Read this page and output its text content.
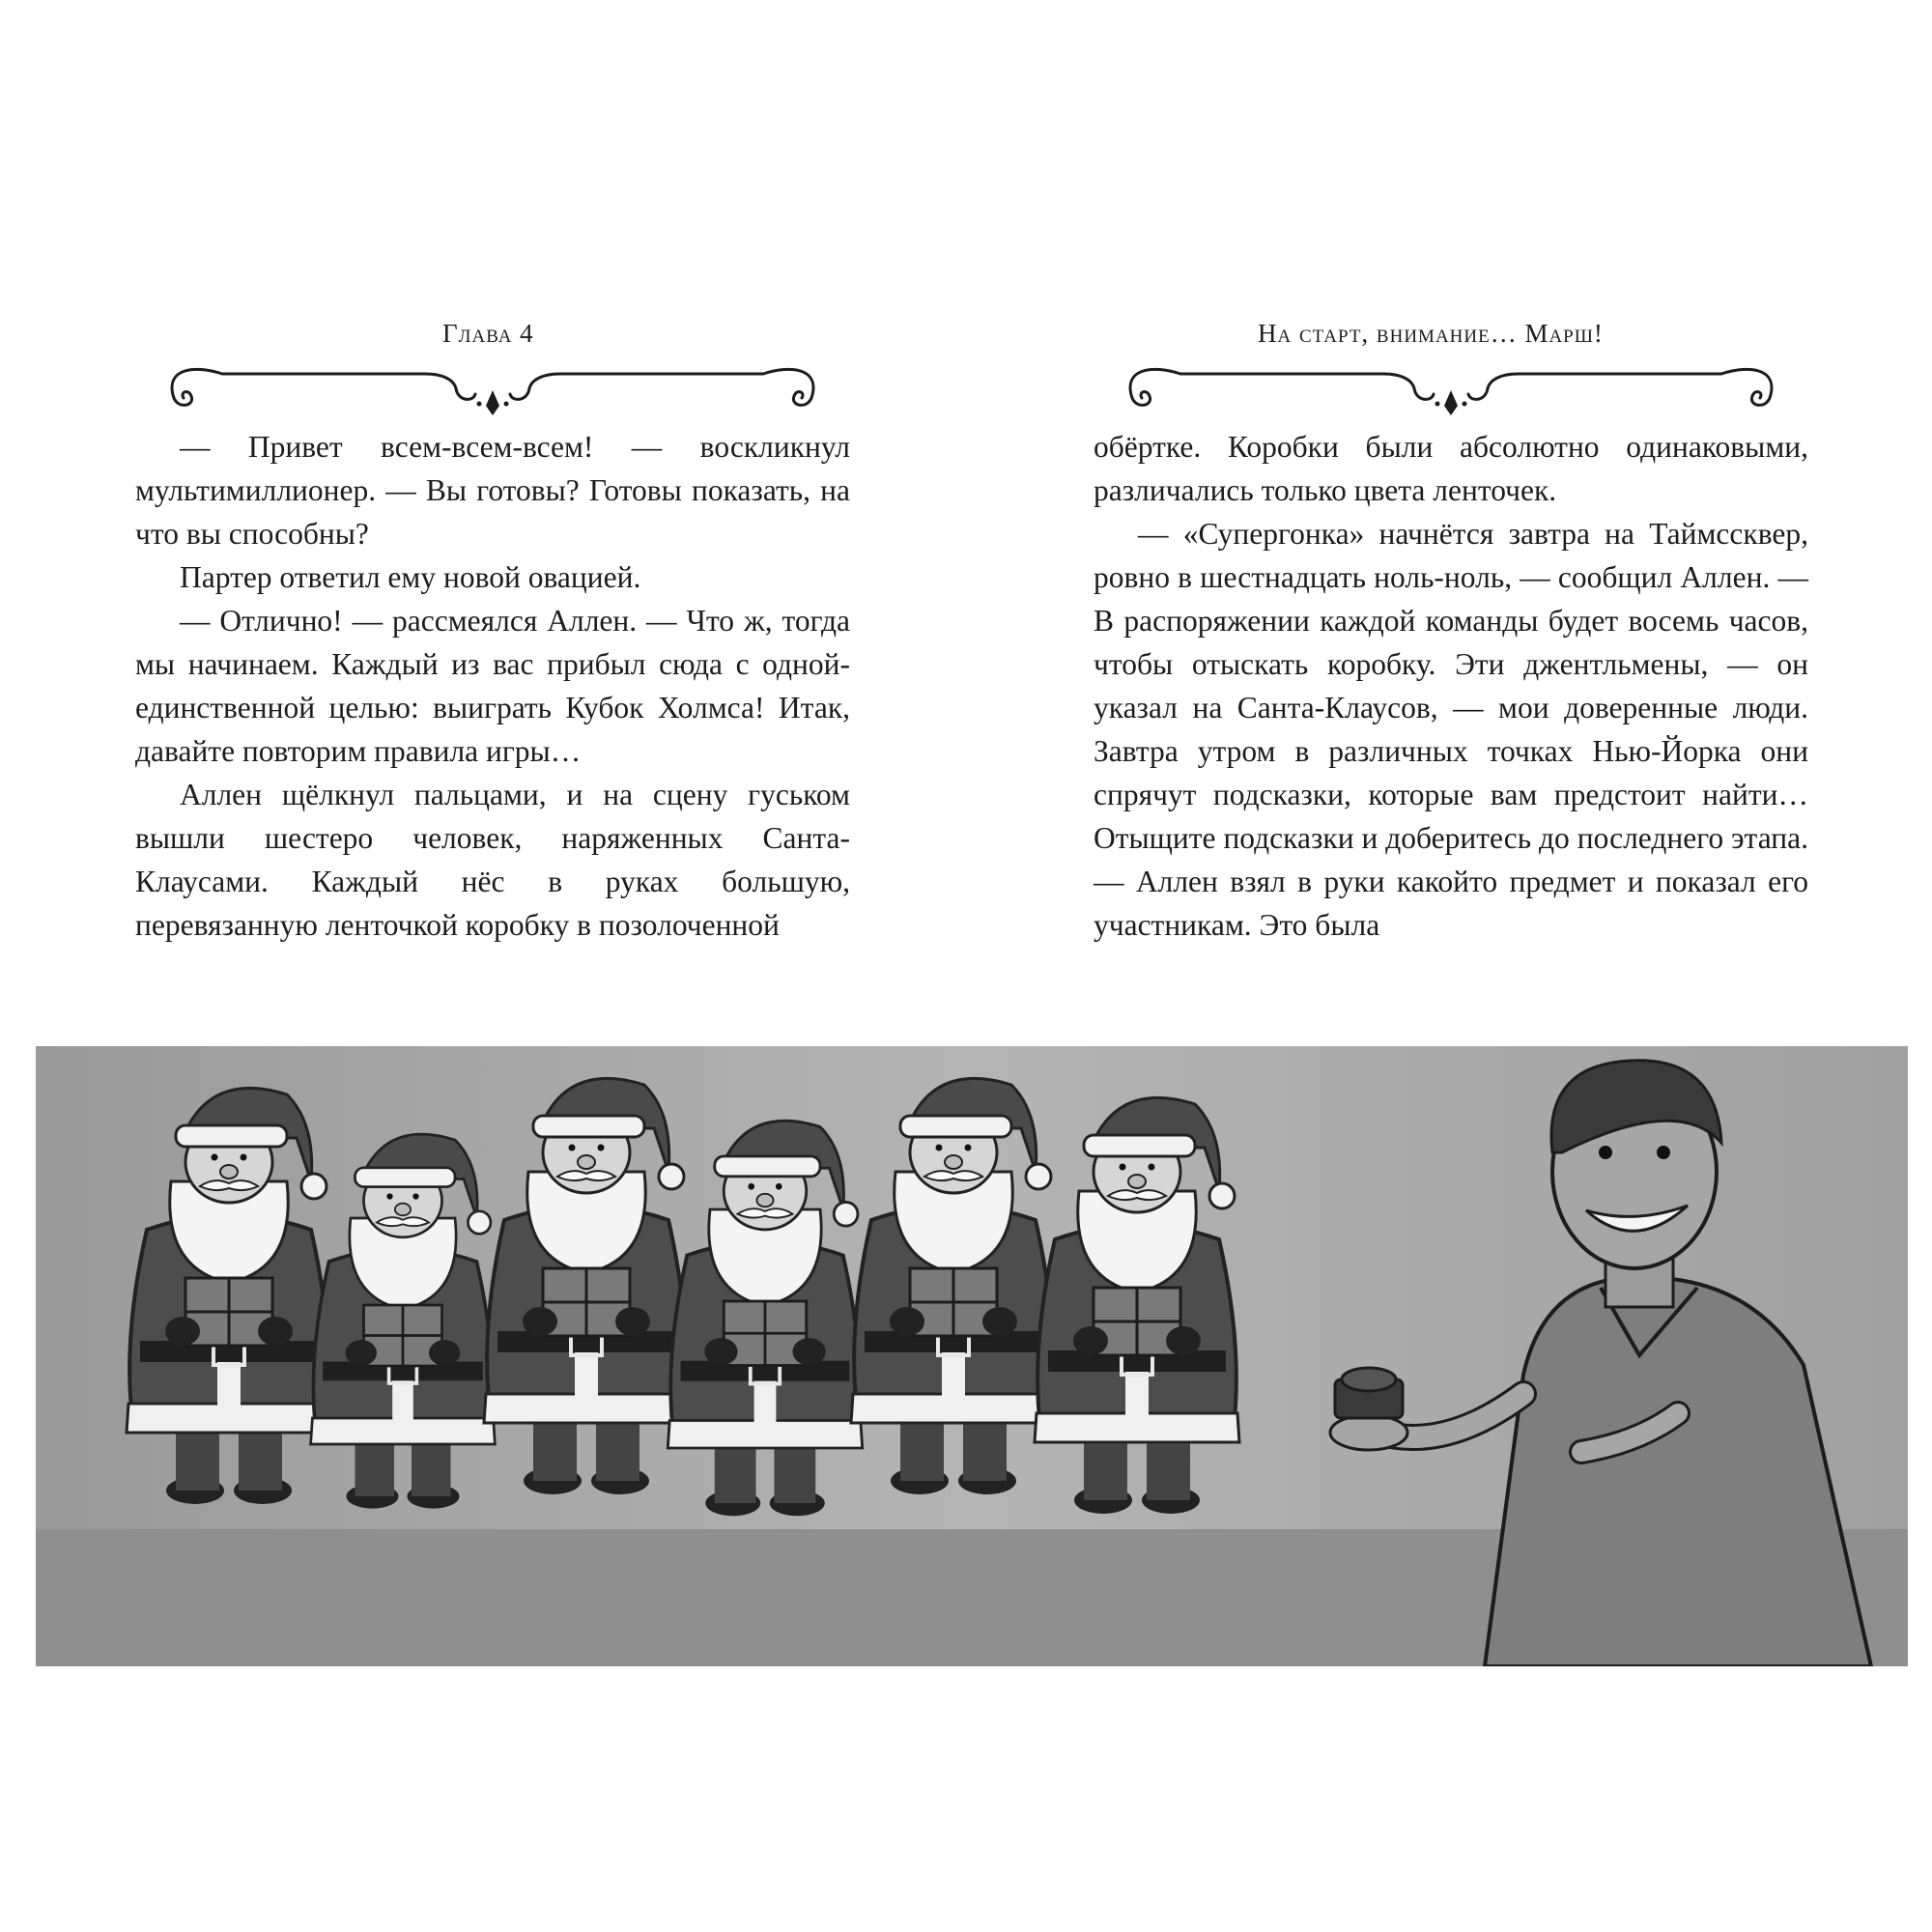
Глава 4

— Привет всем-всем-всем! — воскликнул мультимиллионер. — Вы готовы? Готовы показать, на что вы способны?

Партер ответил ему новой овацией.

— Отлично! — рассмеялся Аллен. — Что ж, тогда мы начинаем. Каждый из вас прибыл сюда с одной-единственной целью: выиграть Кубок Холмса! Итак, давайте повторим правила игры…

Аллен щёлкнул пальцами, и на сцену гуськом вышли шестеро человек, наряженных Санта-Клаусами. Каждый нёс в руках большую, перевязанную ленточкой коробку в позолоченной

На старт, внимание… Марш!

обёртке. Коробки были абсолютно одинаковыми, различались только цвета ленточек.

— «Супергонка» начнётся завтра на Таймссквер, ровно в шестнадцать ноль-ноль, — сообщил Аллен. — В распоряжении каждой команды будет восемь часов, чтобы отыскать коробку. Эти джентльмены, — он указал на Санта-Клаусов, — мои доверенные люди. Завтра утром в различных точках Нью-Йорка они спрячут подсказки, которые вам предстоит найти… Отыщите подсказки и доберитесь до последнего этапа. — Аллен взял в руки какойто предмет и показал его участникам. Это была
